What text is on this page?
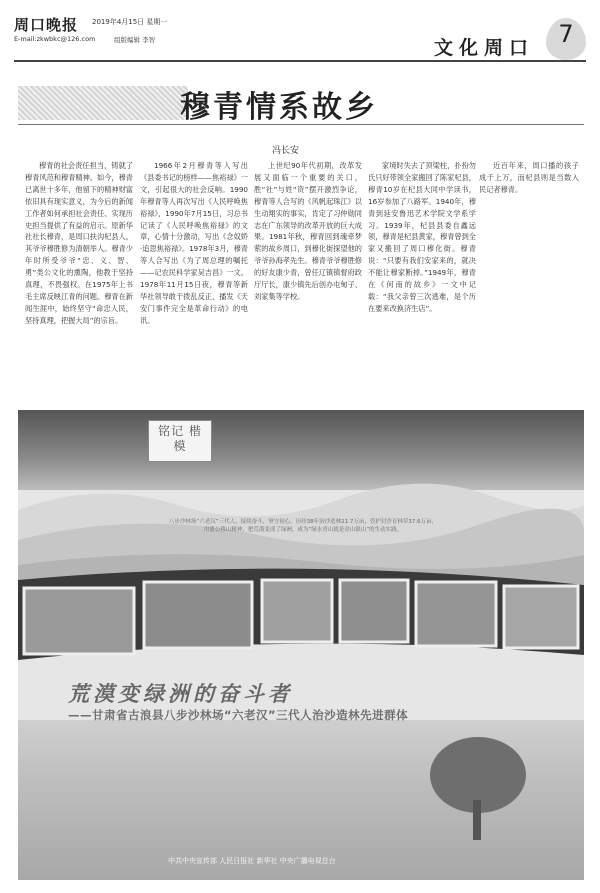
周口晚报 2019年4月15日 星期一
E-mail:zkwbkc@126.com	组版编辑 李智	文化周口	7
穆青情系故乡
冯长安

穆青的社会责任担当，铸就了穆青风范和穆青精神。如今，穆青已离世十多年，他留下的精神财富依旧具有现实意义，为今后的新闻工作者如何承担社会责任、实现历史担当提供了有益的启示。原新华社社长穆青，是周口扶沟杞县人，其爷爷穆胜修为清朝举人。穆青少年时所受爷爷“忠、义、智、勇”类公文化的熏陶，他教于坚持真理，不畏强权。在1975年上书毛主席反映江青的问题。穆青在新闻生涯中，始终坚守“命忠人民，坚持真理，把握大局”的宗旨。

1966年2月穆青等人写出《县委书记的榜样——焦裕禄》一文，引起很大的社会反响。1990年穆青等人再次写出《人民呼唤焦裕禄》，1990年7月15日，习总书记读了《人民呼唤焦裕禄》的文章，心情十分激动，写出《念奴娇·追思焦裕禄》。1978年3月，穆青等人合写出《为了周总理的嘱托——记农民科学家吴吉昌》一文。1978年11月15日夜，穆青等新华社领导敢于拨乱反正，播发《天安门事件完全是革命行动》的电讯。

上世纪90年代初期，改革发展又面临一个重要的关口，胜“社”与姓“资”摆开激烈争论，穆青等人合写的《风帆起珠江》以生动翔实的事实，肯定了习仲勋同志在广东领导的改革开放的巨大成果。1981年秋，穆青回到魂牵梦萦的故乡周口，到穆化街探望他的爷爷孙海孝先生。穆青爷爷穆胜修的好友康少青，曾任辽镇镇督府政厅厅长，康少镇先后创办屯甸子、刘家集等学校。

家境时失去了顶梁柱，扑扮勿氏只好带领全家搬回了陈家杞县，穆青10岁在杞县大同中学读书，16岁参加了八路军。1940年，穆青到延安鲁迅艺术学院文学系学习。1939年，杞县县委自鑫远领，穆青是杞县黄家，穆青曾到全家又搬回了周口穆化街。穆青说：“只要有我们安家来的，就决不能让穆家断掉。”1949年，穆青在《何南的故乡》一文中记载：“我父亲曾三次逃难，是个历在要来改换济生店”。

近百年来，周口播的孩子成千上万，而杞县则是当数入民记者穆青。

铭记 楷模
八步沙林场“六老汉”三代人，接续奋斗，坚守初心，历经38年治沙造林21.7万亩，管护封沙育林草37.6万亩，用愚公移山精神，把荒漠变成了绿洲，成为“绿水青山就是金山银山”的生动实践。
荒漠变绿洲的奋斗者
——甘肃省古浪县八步沙林场“六老汉”三代人治沙造林先进群体
中共中央宣传部 人民日报社 新华社 中央广播电视总台
